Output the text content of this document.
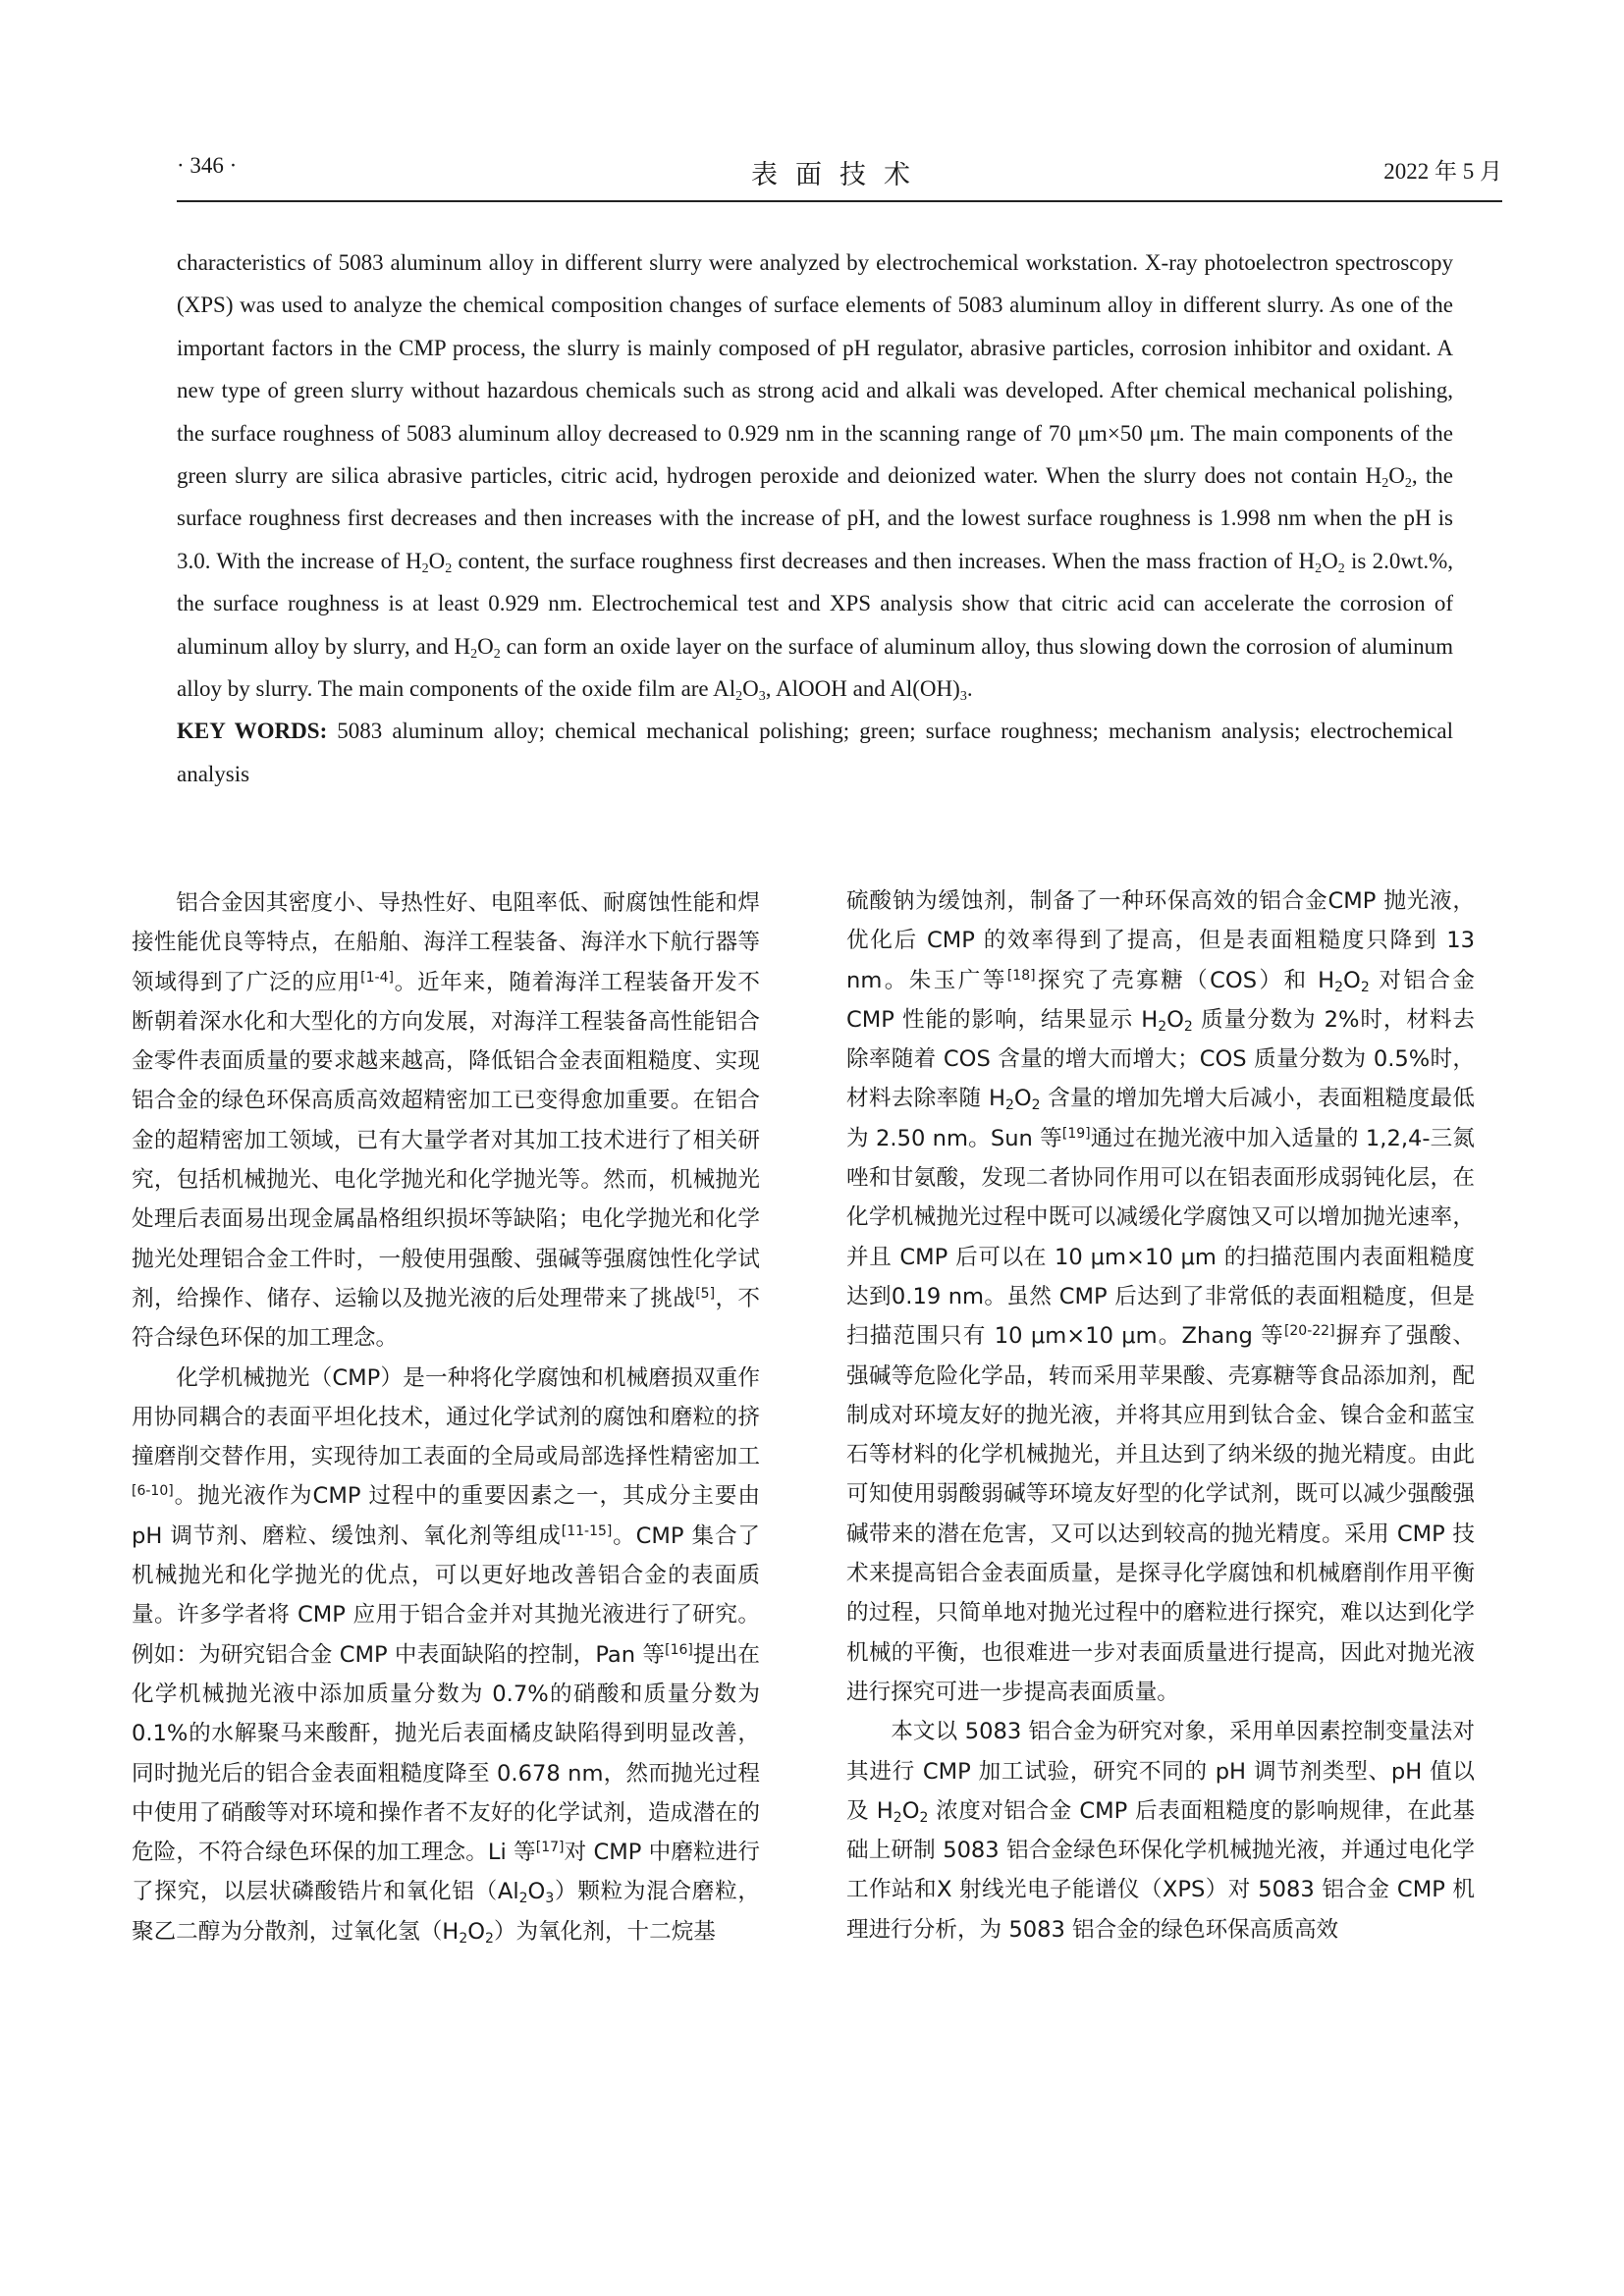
· 346 ·	表面技术	2022 年 5 月

characteristics of 5083 aluminum alloy in different slurry were analyzed by electrochemical workstation. X-ray photoelectron spectroscopy (XPS) was used to analyze the chemical composition changes of surface elements of 5083 aluminum alloy in different slurry. As one of the important factors in the CMP process, the slurry is mainly composed of pH regulator, abrasive particles, corrosion inhibitor and oxidant. A new type of green slurry without hazardous chemicals such as strong acid and alkali was developed. After chemical mechanical polishing, the surface roughness of 5083 aluminum alloy decreased to 0.929 nm in the scanning range of 70 μm×50 μm. The main components of the green slurry are silica abrasive particles, citric acid, hydrogen peroxide and deionized water. When the slurry does not contain $H_2O_2$, the surface roughness first decreases and then increases with the increase of pH, and the lowest surface roughness is 1.998 nm when the pH is 3.0. With the increase of $H_2O_2$ content, the surface roughness first decreases and then increases. When the mass fraction of $H_2O_2$ is 2.0wt.%, the surface roughness is at least 0.929 nm. Electrochemical test and XPS analysis show that citric acid can accelerate the corrosion of aluminum alloy by slurry, and $H_2O_2$ can form an oxide layer on the surface of aluminum alloy, thus slowing down the corrosion of aluminum alloy by slurry. The main components of the oxide film are $Al_2O_3$, AlOOH and $Al(OH)_3$.

KEY WORDS: 5083 aluminum alloy; chemical mechanical polishing; green; surface roughness; mechanism analysis; electrochemical analysis

铝合金因其密度小、导热性好、电阻率低、耐腐蚀性能和焊接性能优良等特点，在船舶、海洋工程装备、海洋水下航行器等领域得到了广泛的应用[1-4]。近年来，随着海洋工程装备开发不断朝着深水化和大型化的方向发展，对海洋工程装备高性能铝合金零件表面质量的要求越来越高，降低铝合金表面粗糙度、实现铝合金的绿色环保高质高效超精密加工已变得愈加重要。在铝合金的超精密加工领域，已有大量学者对其加工技术进行了相关研究，包括机械抛光、电化学抛光和化学抛光等。然而，机械抛光处理后表面易出现金属晶格组织损坏等缺陷；电化学抛光和化学抛光处理铝合金工件时，一般使用强酸、强碱等强腐蚀性化学试剂，给操作、储存、运输以及抛光液的后处理带来了挑战[5]，不符合绿色环保的加工理念。

化学机械抛光（CMP）是一种将化学腐蚀和机械磨损双重作用协同耦合的表面平坦化技术，通过化学试剂的腐蚀和磨粒的挤撞磨削交替作用，实现待加工表面的全局或局部选择性精密加工[6-10]。抛光液作为CMP 过程中的重要因素之一，其成分主要由 pH 调节剂、磨粒、缓蚀剂、氧化剂等组成[11-15]。CMP 集合了机械抛光和化学抛光的优点，可以更好地改善铝合金的表面质量。许多学者将 CMP 应用于铝合金并对其抛光液进行了研究。例如：为研究铝合金 CMP 中表面缺陷的控制，Pan 等[16]提出在化学机械抛光液中添加质量分数为 0.7%的硝酸和质量分数为 0.1%的水解聚马来酸酐，抛光后表面橘皮缺陷得到明显改善，同时抛光后的铝合金表面粗糙度降至 0.678 nm，然而抛光过程中使用了硝酸等对环境和操作者不友好的化学试剂，造成潜在的危险，不符合绿色环保的加工理念。Li 等[17]对 CMP 中磨粒进行了探究，以层状磷酸锆片和氧化铝$(Al_2O_3)$颗粒为混合磨粒，聚乙二醇为分散剂，过氧化氢$(H_2O_2)$为氧化剂，十二烷基

硫酸钠为缓蚀剂，制备了一种环保高效的铝合金CMP 抛光液，优化后 CMP 的效率得到了提高，但是表面粗糙度只降到 13 nm。朱玉广等[18]探究了壳寡糖（COS）和 $H_2O_2$ 对铝合金 CMP 性能的影响，结果显示 $H_2O_2$ 质量分数为 2%时，材料去除率随着 COS 含量的增大而增大；COS 质量分数为 0.5%时，材料去除率随 $H_2O_2$ 含量的增加先增大后减小，表面粗糙度最低为 2.50 nm。Sun 等[19]通过在抛光液中加入适量的 1,2,4-三氮唑和甘氨酸，发现二者协同作用可以在铝表面形成弱钝化层，在化学机械抛光过程中既可以减缓化学腐蚀又可以增加抛光速率，并且 CMP 后可以在 10 μm×10 μm 的扫描范围内表面粗糙度达到0.19 nm。虽然 CMP 后达到了非常低的表面粗糙度，但是扫描范围只有 10 μm×10 μm。Zhang 等[20-22]摒弃了强酸、强碱等危险化学品，转而采用苹果酸、壳寡糖等食品添加剂，配制成对环境友好的抛光液，并将其应用到钛合金、镍合金和蓝宝石等材料的化学机械抛光，并且达到了纳米级的抛光精度。由此可知使用弱酸弱碱等环境友好型的化学试剂，既可以减少强酸强碱带来的潜在危害，又可以达到较高的抛光精度。采用 CMP 技术来提高铝合金表面质量，是探寻化学腐蚀和机械磨削作用平衡的过程，只简单地对抛光过程中的磨粒进行探究，难以达到化学机械的平衡，也很难进一步对表面质量进行提高，因此对抛光液进行探究可进一步提高表面质量。

本文以 5083 铝合金为研究对象，采用单因素控制变量法对其进行 CMP 加工试验，研究不同的 pH 调节剂类型、pH 值以及 $H_2O_2$ 浓度对铝合金 CMP 后表面粗糙度的影响规律，在此基础上研制 5083 铝合金绿色环保化学机械抛光液，并通过电化学工作站和X 射线光电子能谱仪（XPS）对 5083 铝合金 CMP 机理进行分析，为 5083 铝合金的绿色环保高质高效
